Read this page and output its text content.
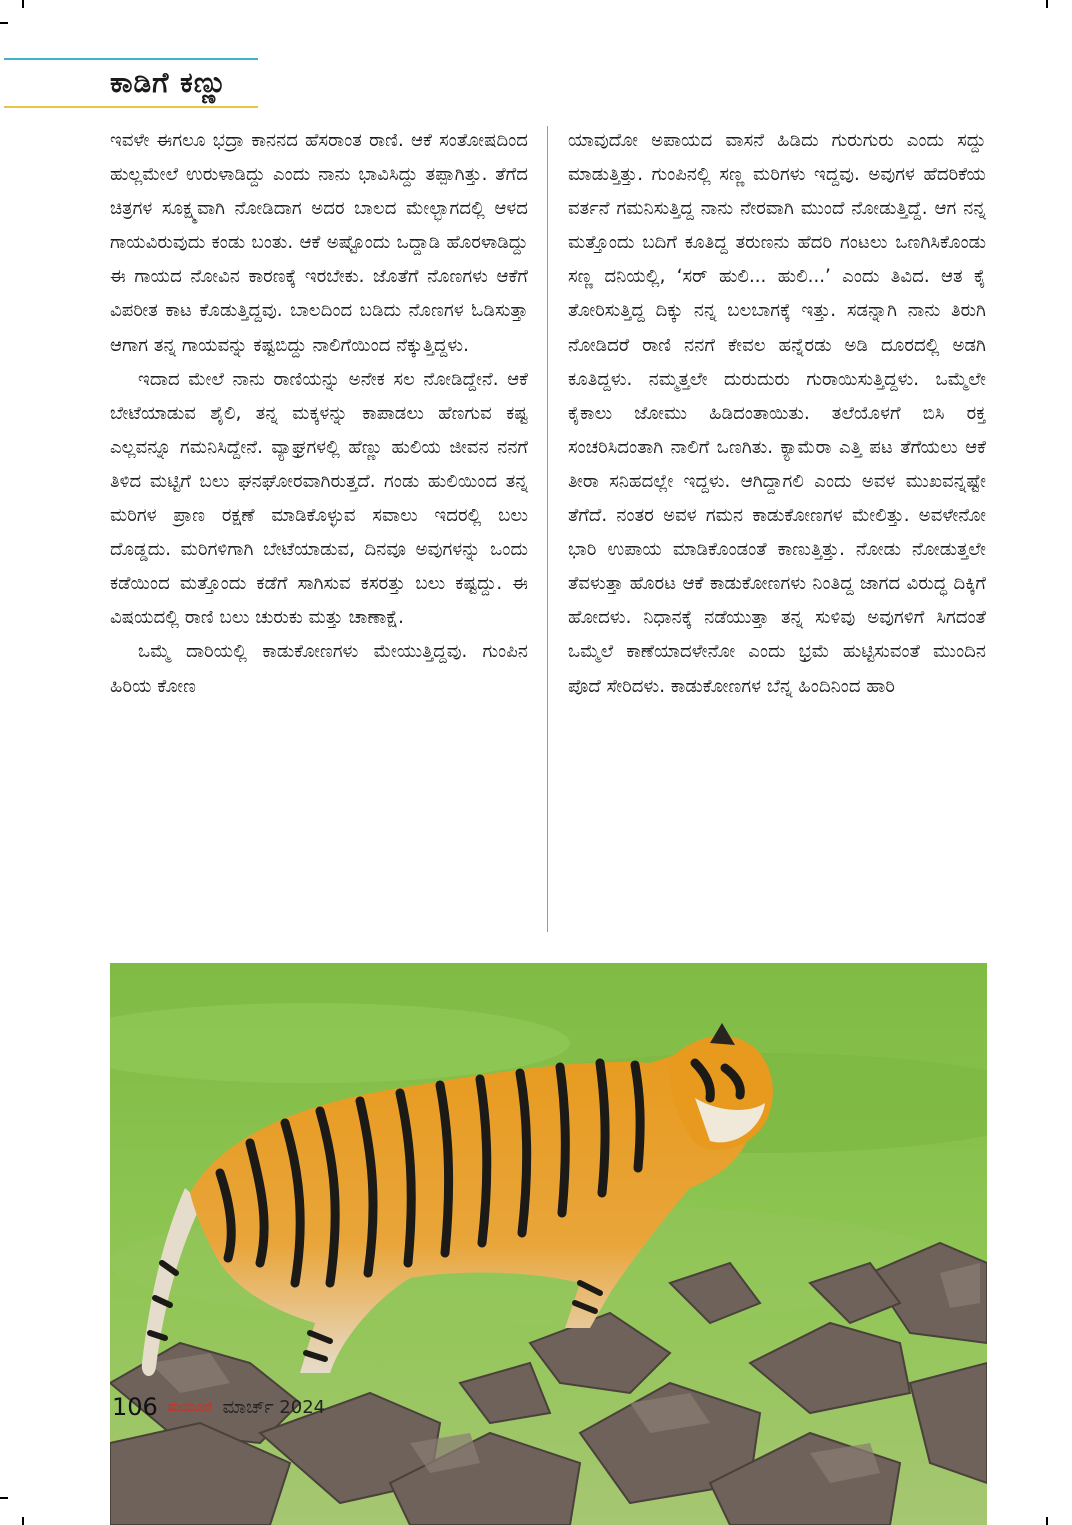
ಕಾಡಿಗೆ ಕಣ್ಣು

ಇವಳೇ ಈಗಲೂ ಭದ್ರಾ ಕಾನನದ ಹೆಸರಾಂತ ರಾಣಿ. ಆಕೆ ಸಂತೋಷದಿಂದ ಹುಲ್ಲಮೇಲೆ ಉರುಳಾಡಿದ್ದು ಎಂದು ನಾನು ಭಾವಿಸಿದ್ದು ತಪ್ಪಾಗಿತ್ತು. ತೆಗೆದ ಚಿತ್ರಗಳ ಸೂಕ್ಷ್ಮವಾಗಿ ನೋಡಿದಾಗ ಅದರ ಬಾಲದ ಮೇಲ್ಭಾಗದಲ್ಲಿ ಆಳದ ಗಾಯವಿರುವುದು ಕಂಡು ಬಂತು. ಆಕೆ ಅಷ್ಟೊಂದು ಒದ್ದಾಡಿ ಹೊರಳಾಡಿದ್ದು ಈ ಗಾಯದ ನೋವಿನ ಕಾರಣಕ್ಕೆ ಇರಬೇಕು. ಜೊತೆಗೆ ನೊಣಗಳು ಆಕೆಗೆ ವಿಪರೀತ ಕಾಟ ಕೊಡುತ್ತಿದ್ದವು. ಬಾಲದಿಂದ ಬಡಿದು ನೊಣಗಳ ಓಡಿಸುತ್ತಾ ಆಗಾಗ ತನ್ನ ಗಾಯವನ್ನು ಕಷ್ಟಬಿದ್ದು ನಾಲಿಗೆಯಿಂದ ನೆಕ್ಕುತ್ತಿದ್ದಳು.

ಇದಾದ ಮೇಲೆ ನಾನು ರಾಣಿಯನ್ನು ಅನೇಕ ಸಲ ನೋಡಿದ್ದೇನೆ. ಆಕೆ ಬೇಟೆಯಾಡುವ ಶೈಲಿ, ತನ್ನ ಮಕ್ಕಳನ್ನು ಕಾಪಾಡಲು ಹೆಣಗುವ ಕಷ್ಟ ಎಲ್ಲವನ್ನೂ ಗಮನಿಸಿದ್ದೇನೆ. ವ್ಯಾಘ್ರಗಳಲ್ಲಿ ಹೆಣ್ಣು ಹುಲಿಯ ಜೀವನ ನನಗೆ ತಿಳಿದ ಮಟ್ಟಿಗೆ ಬಲು ಘನಘೋರವಾಗಿರುತ್ತದೆ. ಗಂಡು ಹುಲಿಯಿಂದ ತನ್ನ ಮರಿಗಳ ಪ್ರಾಣ ರಕ್ಷಣೆ ಮಾಡಿಕೊಳ್ಳುವ ಸವಾಲು ಇದರಲ್ಲಿ ಬಲು ದೊಡ್ಡದು. ಮರಿಗಳಿಗಾಗಿ ಬೇಟೆಯಾಡುವ, ದಿನವೂ ಅವುಗಳನ್ನು ಒಂದು ಕಡೆಯಿಂದ ಮತ್ತೊಂದು ಕಡೆಗೆ ಸಾಗಿಸುವ ಕಸರತ್ತು ಬಲು ಕಷ್ಟದ್ದು. ಈ ವಿಷಯದಲ್ಲಿ ರಾಣಿ ಬಲು ಚುರುಕು ಮತ್ತು ಚಾಣಾಕ್ಷೆ.

ಒಮ್ಮೆ ದಾರಿಯಲ್ಲಿ ಕಾಡುಕೋಣಗಳು ಮೇಯುತ್ತಿದ್ದವು. ಗುಂಪಿನ ಹಿರಿಯ ಕೋಣ

ಯಾವುದೋ ಅಪಾಯದ ವಾಸನೆ ಹಿಡಿದು ಗುರುಗುರು ಎಂದು ಸದ್ದು ಮಾಡುತ್ತಿತ್ತು. ಗುಂಪಿನಲ್ಲಿ ಸಣ್ಣ ಮರಿಗಳು ಇದ್ದವು. ಅವುಗಳ ಹೆದರಿಕೆಯ ವರ್ತನೆ ಗಮನಿಸುತ್ತಿದ್ದ ನಾನು ನೇರವಾಗಿ ಮುಂದೆ ನೋಡುತ್ತಿದ್ದೆ. ಆಗ ನನ್ನ ಮತ್ತೊಂದು ಬದಿಗೆ ಕೂತಿದ್ದ ತರುಣನು ಹೆದರಿ ಗಂಟಲು ಒಣಗಿಸಿಕೊಂಡು ಸಣ್ಣ ದನಿಯಲ್ಲಿ, ‘ಸರ್ ಹುಲಿ... ಹುಲಿ...’ ಎಂದು ತಿವಿದ. ಆತ ಕೈ ತೋರಿಸುತ್ತಿದ್ದ ದಿಕ್ಕು ನನ್ನ ಬಲಬಾಗಕ್ಕೆ ಇತ್ತು. ಸಡನ್ನಾಗಿ ನಾನು ತಿರುಗಿ ನೋಡಿದರೆ ರಾಣಿ ನನಗೆ ಕೇವಲ ಹನ್ನೆರಡು ಅಡಿ ದೂರದಲ್ಲಿ ಅಡಗಿ ಕೂತಿದ್ದಳು. ನಮ್ಮತ್ತಲೇ ದುರುದುರು ಗುರಾಯಿಸುತ್ತಿದ್ದಳು. ಒಮ್ಮೆಲೇ ಕೈಕಾಲು ಜೋಮು ಹಿಡಿದಂತಾಯಿತು. ತಲೆಯೊಳಗೆ ಬಿಸಿ ರಕ್ತ ಸಂಚರಿಸಿದಂತಾಗಿ ನಾಲಿಗೆ ಒಣಗಿತು. ಕ್ಯಾಮೆರಾ ಎತ್ತಿ ಪಟ ತೆಗೆಯಲು ಆಕೆ ತೀರಾ ಸನಿಹದಲ್ಲೇ ಇದ್ದಳು. ಆಗಿದ್ದಾಗಲಿ ಎಂದು ಅವಳ ಮುಖವನ್ನಷ್ಟೇ ತೆಗೆದೆ. ನಂತರ ಅವಳ ಗಮನ ಕಾಡುಕೋಣಗಳ ಮೇಲಿತ್ತು. ಅವಳೇನೋ ಭಾರಿ ಉಪಾಯ ಮಾಡಿಕೊಂಡಂತೆ ಕಾಣುತ್ತಿತ್ತು. ನೋಡು ನೋಡುತ್ತಲೇ ತೆವಳುತ್ತಾ ಹೊರಟ ಆಕೆ ಕಾಡುಕೋಣಗಳು ನಿಂತಿದ್ದ ಜಾಗದ ವಿರುದ್ಧ ದಿಕ್ಕಿಗೆ ಹೋದಳು. ನಿಧಾನಕ್ಕೆ ನಡೆಯುತ್ತಾ ತನ್ನ ಸುಳಿವು ಅವುಗಳಿಗೆ ಸಿಗದಂತೆ ಒಮ್ಮೆಲೆ ಕಾಣೆಯಾದಳೇನೋ ಎಂದು ಭ್ರಮೆ ಹುಟ್ಟಿಸುವಂತೆ ಮುಂದಿನ ಪೊದೆ ಸೇರಿದಳು. ಕಾಡುಕೋಣಗಳ ಬೆನ್ನ ಹಿಂದಿನಿಂದ ಹಾರಿ

106 ಮಯೂರ ಮಾರ್ಚ್ 2024
